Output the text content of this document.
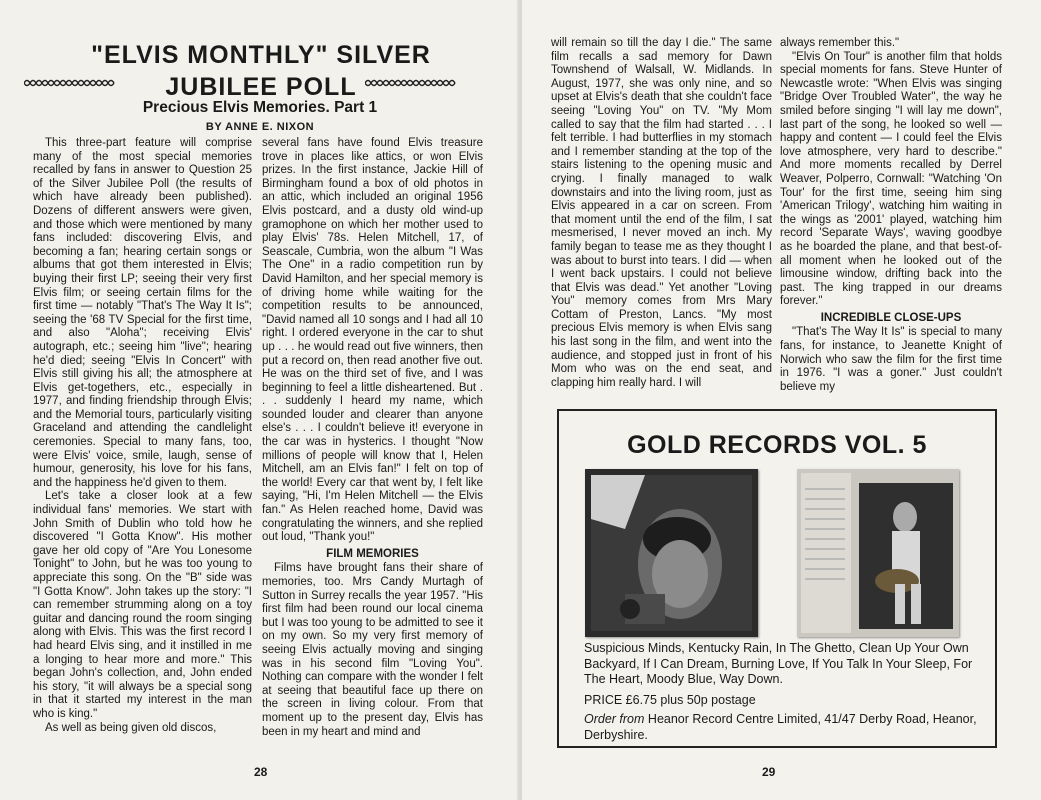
"ELVIS MONTHLY" SILVER
JUBILEE POLL
Precious Elvis Memories. Part 1
BY ANNE E. NIXON

This three-part feature will comprise many of the most special memories recalled by fans in answer to Question 25 of the Silver Jubilee Poll (the results of which have already been published). Dozens of different answers were given, and those which were mentioned by many fans included: discovering Elvis, and becoming a fan; hearing certain songs or albums that got them interested in Elvis; buying their first LP; seeing their very first Elvis film; or seeing certain films for the first time — notably "That's The Way It Is"; seeing the '68 TV Special for the first time, and also "Aloha"; receiving Elvis' autograph, etc.; seeing him "live"; hearing he'd died; seeing "Elvis In Concert" with Elvis still giving his all; the atmosphere at Elvis get-togethers, etc., especially in 1977, and finding friendship through Elvis; and the Memorial tours, particularly visiting Graceland and attending the candlelight ceremonies. Special to many fans, too, were Elvis' voice, smile, laugh, sense of humour, generosity, his love for his fans, and the happiness he'd given to them.

Let's take a closer look at a few individual fans' memories. We start with John Smith of Dublin who told how he discovered "I Gotta Know". His mother gave her old copy of "Are You Lonesome Tonight" to John, but he was too young to appreciate this song. On the "B" side was "I Gotta Know". John takes up the story: "I can remember strumming along on a toy guitar and dancing round the room singing along with Elvis. This was the first record I had heard Elvis sing, and it instilled in me a longing to hear more and more." This began John's collection, and, John ended his story, "it will always be a special song in that it started my interest in the man who is king."

As well as being given old discos,

several fans have found Elvis treasure trove in places like attics, or won Elvis prizes. In the first instance, Jackie Hill of Birmingham found a box of old photos in an attic, which included an original 1956 Elvis postcard, and a dusty old wind-up gramophone on which her mother used to play Elvis' 78s. Helen Mitchell, 17, of Seascale, Cumbria, won the album "I Was The One" in a radio competition run by David Hamilton, and her special memory is of driving home while waiting for the competition results to be announced, "David named all 10 songs and I had all 10 right. I ordered everyone in the car to shut up . . . he would read out five winners, then put a record on, then read another five out. He was on the third set of five, and I was beginning to feel a little disheartened. But . . . suddenly I heard my name, which sounded louder and clearer than anyone else's . . . I couldn't believe it! everyone in the car was in hysterics. I thought "Now millions of people will know that I, Helen Mitchell, am an Elvis fan!" I felt on top of the world! Every car that went by, I felt like saying, "Hi, I'm Helen Mitchell — the Elvis fan." As Helen reached home, David was congratulating the winners, and she replied out loud, "Thank you!"

FILM MEMORIES

Films have brought fans their share of memories, too. Mrs Candy Murtagh of Sutton in Surrey recalls the year 1957. "His first film had been round our local cinema but I was too young to be admitted to see it on my own. So my very first memory of seeing Elvis actually moving and singing was in his second film "Loving You". Nothing can compare with the wonder I felt at seeing that beautiful face up there on the screen in living colour. From that moment up to the present day, Elvis has been in my heart and mind and

28

will remain so till the day I die." The same film recalls a sad memory for Dawn Townshend of Walsall, W. Midlands. In August, 1977, she was only nine, and so upset at Elvis's death that she couldn't face seeing "Loving You" on TV. "My Mom called to say that the film had started . . . I felt terrible. I had butterflies in my stomach and I remember standing at the top of the stairs listening to the opening music and crying. I finally managed to walk downstairs and into the living room, just as Elvis appeared in a car on screen. From that moment until the end of the film, I sat mesmerised, I never moved an inch. My family began to tease me as they thought I was about to burst into tears. I did — when I went back upstairs. I could not believe that Elvis was dead." Yet another "Loving You" memory comes from Mrs Mary Cottam of Preston, Lancs. "My most precious Elvis memory is when Elvis sang his last song in the film, and went into the audience, and stopped just in front of his Mom who was on the end seat, and clapping him really hard. I will

always remember this."

"Elvis On Tour" is another film that holds special moments for fans. Steve Hunter of Newcastle wrote: "When Elvis was singing "Bridge Over Troubled Water", the way he smiled before singing "I will lay me down", last part of the song, he looked so well — happy and content — I could feel the Elvis love atmosphere, very hard to describe." And more moments recalled by Derrel Weaver, Polperro, Cornwall: "Watching 'On Tour' for the first time, seeing him sing 'American Trilogy', watching him waiting in the wings as '2001' played, watching him record 'Separate Ways', waving goodbye as he boarded the plane, and that best-of-all moment when he looked out of the limousine window, drifting back into the past. The king trapped in our dreams forever."

INCREDIBLE CLOSE-UPS

"That's The Way It Is" is special to many fans, for instance, to Jeanette Knight of Norwich who saw the film for the first time in 1976. "I was a goner." Just couldn't believe my

GOLD RECORDS VOL. 5
Suspicious Minds, Kentucky Rain, In The Ghetto, Clean Up Your Own Backyard, If I Can Dream, Burning Love, If You Talk In Your Sleep, For The Heart, Moody Blue, Way Down.
PRICE £6.75 plus 50p postage
Order from Heanor Record Centre Limited, 41/47 Derby Road, Heanor, Derbyshire.
29
